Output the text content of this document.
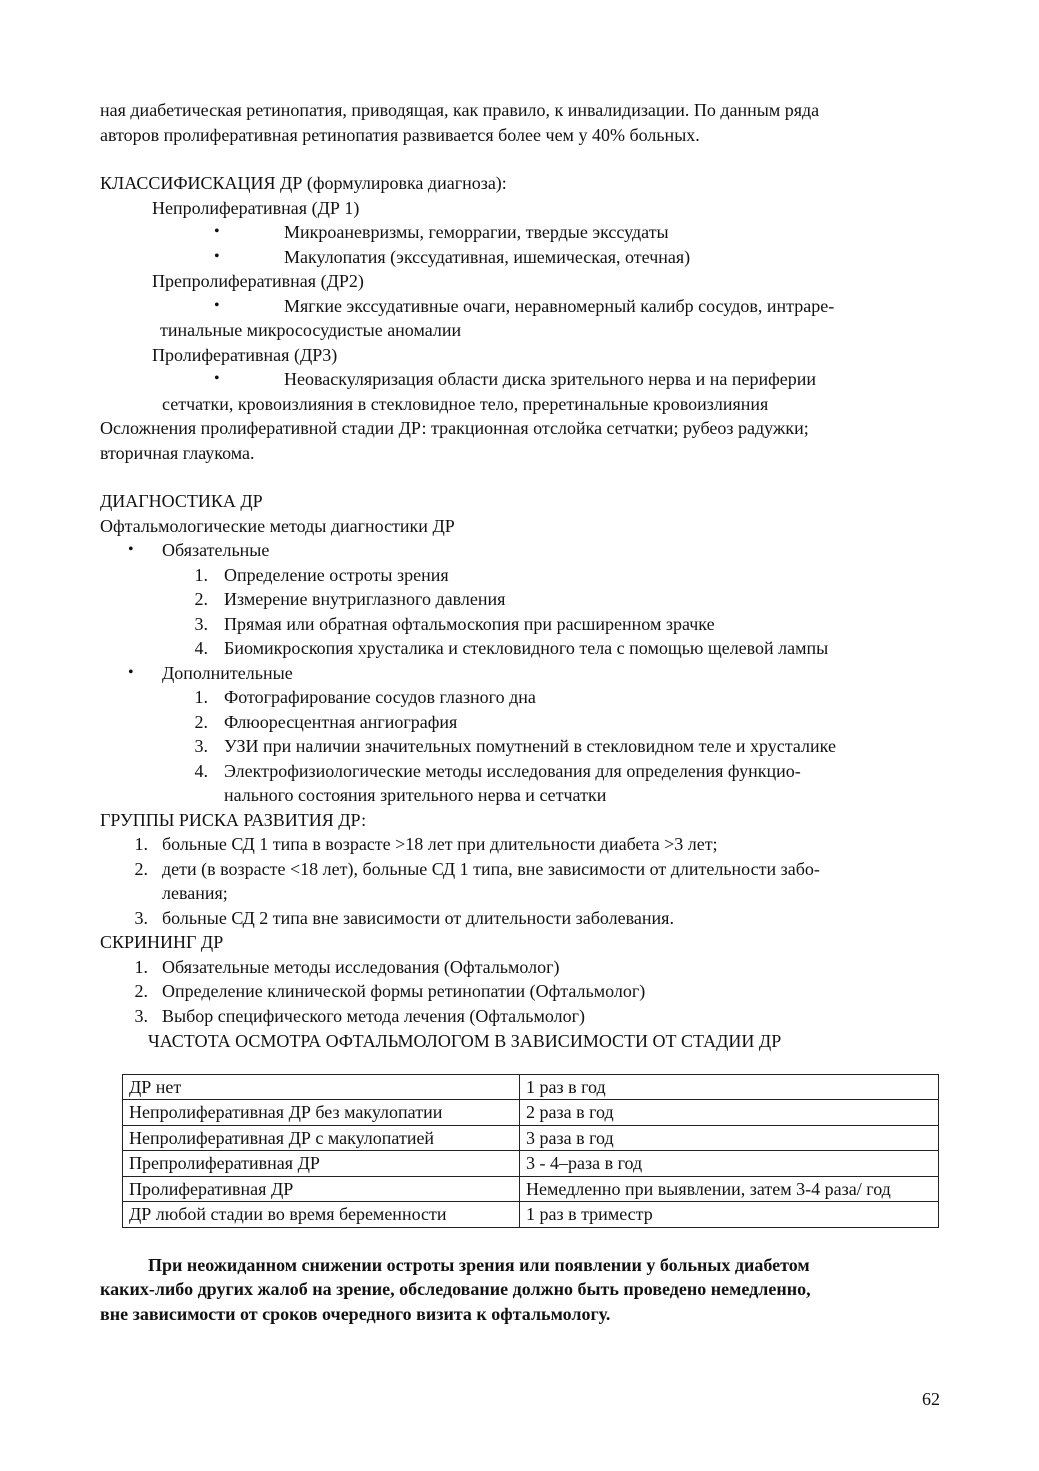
ная диабетическая ретинопатия, приводящая, как правило, к инвалидизации. По данным ряда

авторов пролиферативная ретинопатия развивается более чем у 40% больных.

КЛАССИФИСКАЦИЯ ДР (формулировка диагноза):

Непролиферативная (ДР 1)

•	Микроаневризмы, геморрагии, твердые экссудаты

•	Макулопатия (экссудативная, ишемическая, отечная)

Препролиферативная (ДР2)

•	Мягкие экссудативные очаги, неравномерный калибр сосудов, интраре-

тинальные микрососудистые аномалии

Пролиферативная (ДР3)

•	Неоваскуляризация области диска зрительного нерва и на периферии

сетчатки, кровоизлияния в стекловидное тело, преретинальные кровоизлияния

Осложнения пролиферативной стадии ДР: тракционная отслойка сетчатки; рубеоз радужки;

вторичная глаукома.

ДИАГНОСТИКА ДР

Офтальмологические методы диагностики ДР

• Обязательные

1. Определение остроты зрения

2. Измерение внутриглазного давления

3. Прямая или обратная офтальмоскопия при расширенном зрачке

4. Биомикроскопия хрусталика и стекловидного тела с помощью щелевой лампы

• Дополнительные

1. Фотографирование сосудов глазного дна

2. Флюоресцентная ангиография

3. УЗИ при наличии значительных помутнений в стекловидном теле и хрусталике

4. Электрофизиологические методы исследования для определения функцио-

нального состояния зрительного нерва и сетчатки

ГРУППЫ РИСКА РАЗВИТИЯ ДР:

1. больные СД 1 типа в возрасте >18 лет при длительности диабета >3 лет;

2. дети (в возрасте <18 лет), больные СД 1 типа, вне зависимости от длительности забо-

левания;

3. больные СД 2 типа вне зависимости от длительности заболевания.

СКРИНИНГ ДР

1. Обязательные методы исследования (Офтальмолог)

2. Определение клинической формы ретинопатии (Офтальмолог)

3. Выбор специфического метода лечения (Офтальмолог)

ЧАСТОТА ОСМОТРА ОФТАЛЬМОЛОГОМ В ЗАВИСИМОСТИ ОТ СТАДИИ ДР

ДР нет	1 раз в год
Непролиферативная ДР без макулопатии	2 раза в год
Непролиферативная ДР с макулопатией	3 раза в год
Препролиферативная ДР	3 - 4–раза в год
Пролиферативная ДР	Немедленно при выявлении, затем 3-4 раза/ год
ДР любой стадии во время беременности	1 раз в триместр

При неожиданном снижении остроты зрения или появлении у больных диабетом

каких-либо других жалоб на зрение, обследование должно быть проведено немедленно,

вне зависимости от сроков очередного визита к офтальмологу.

62
